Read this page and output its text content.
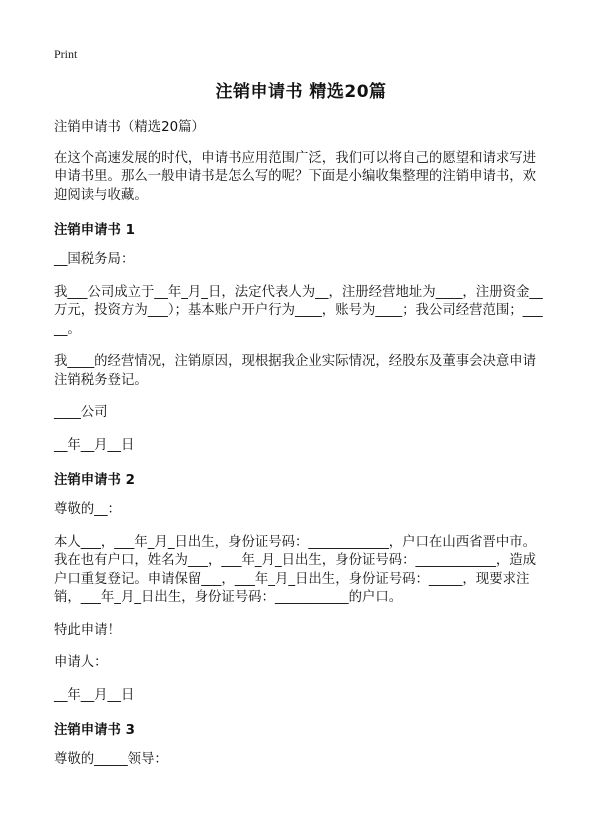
Print
注销申请书 精选20篇

注销申请书（精选20篇）

在这个高速发展的时代，申请书应用范围广泛，我们可以将自己的愿望和请求写进申请书里。那么一般申请书是怎么写的呢？下面是小编收集整理的注销申请书，欢迎阅读与收藏。

注销申请书 1

__国税务局：

我___公司成立于__年_月_日，法定代表人为__，注册经营地址为____，注册资金__万元，投资方为___）；基本账户开户行为____，账号为____；我公司经营范围；_____。

我____的经营情况，注销原因，现根据我企业实际情况，经股东及董事会决意申请注销税务登记。

____公司

__年__月__日

注销申请书 2

尊敬的__：

本人___，___年_月_日出生，身份证号码：____________，户口在山西省晋中市。我在也有户口，姓名为___，___年_月_日出生，身份证号码：____________，造成户口重复登记。申请保留___，___年_月_日出生，身份证号码：_____，现要求注销，___年_月_日出生，身份证号码：___________的户口。

特此申请！

申请人：

__年__月__日

注销申请书 3

尊敬的_____领导：
